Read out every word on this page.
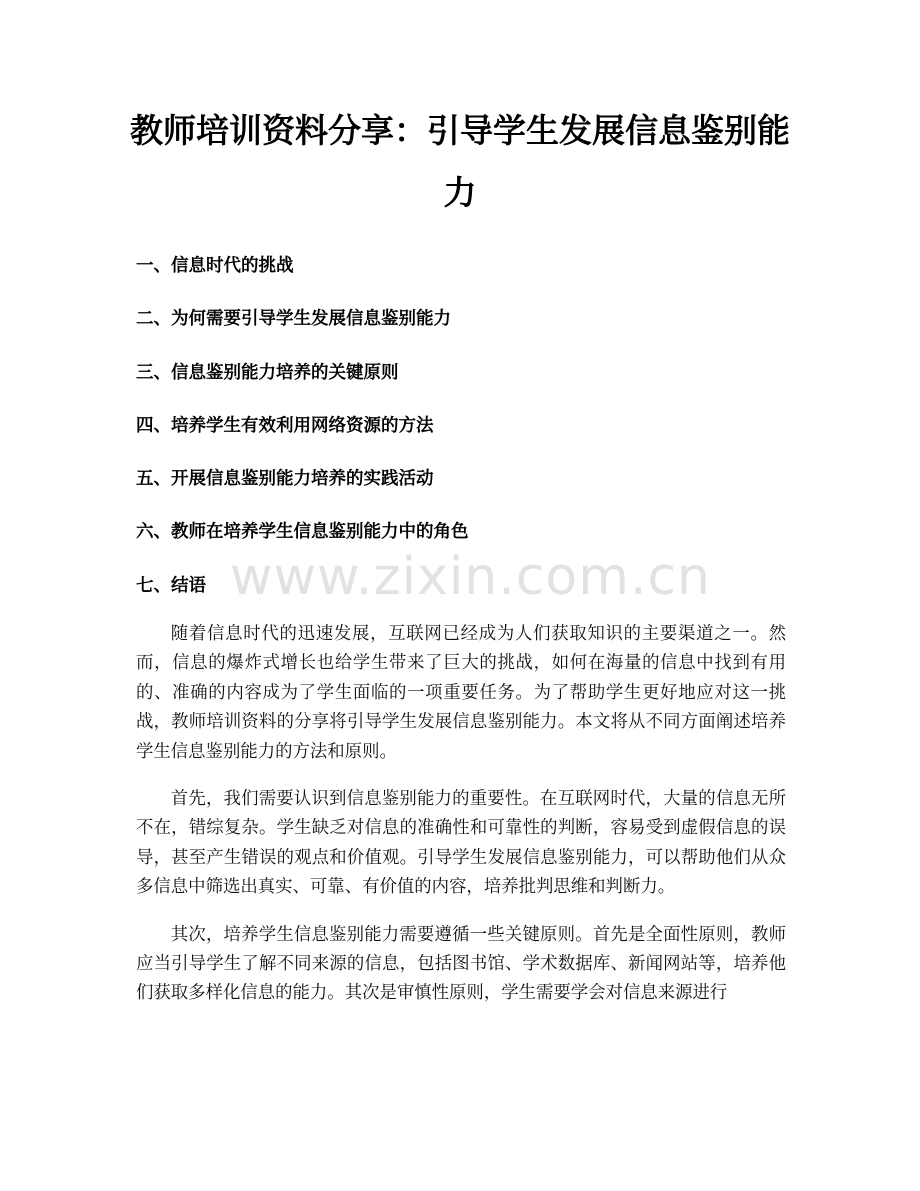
教师培训资料分享：引导学生发展信息鉴别能力
一、信息时代的挑战
二、为何需要引导学生发展信息鉴别能力
三、信息鉴别能力培养的关键原则
四、培养学生有效利用网络资源的方法
五、开展信息鉴别能力培养的实践活动
六、教师在培养学生信息鉴别能力中的角色
七、结语 www.zixin.com.cn

随着信息时代的迅速发展，互联网已经成为人们获取知识的主要渠道之一。然而，信息的爆炸式增长也给学生带来了巨大的挑战，如何在海量的信息中找到有用的、准确的内容成为了学生面临的一项重要任务。为了帮助学生更好地应对这一挑战，教师培训资料的分享将引导学生发展信息鉴别能力。本文将从不同方面阐述培养学生信息鉴别能力的方法和原则。

首先，我们需要认识到信息鉴别能力的重要性。在互联网时代，大量的信息无所不在，错综复杂。学生缺乏对信息的准确性和可靠性的判断，容易受到虚假信息的误导，甚至产生错误的观点和价值观。引导学生发展信息鉴别能力，可以帮助他们从众多信息中筛选出真实、可靠、有价值的内容，培养批判思维和判断力。

其次，培养学生信息鉴别能力需要遵循一些关键原则。首先是全面性原则，教师应当引导学生了解不同来源的信息，包括图书馆、学术数据库、新闻网站等，培养他们获取多样化信息的能力。其次是审慎性原则，学生需要学会对信息来源进行
